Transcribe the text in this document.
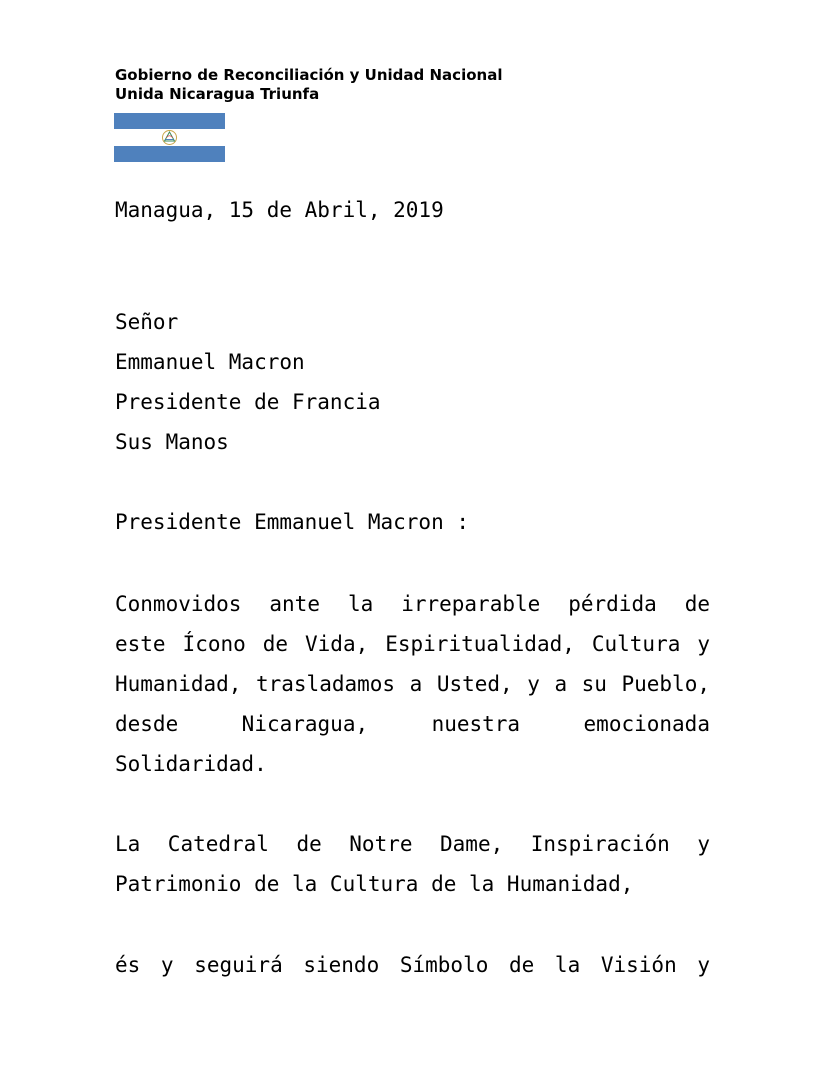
Gobierno de Reconciliación y Unidad Nacional
Unida Nicaragua Triunfa
Managua, 15 de Abril, 2019
Señor
Emmanuel Macron
Presidente de Francia
Sus Manos
Presidente Emmanuel Macron :
Conmovidos ante la irreparable pérdida de
este Ícono de Vida, Espiritualidad, Cultura y
Humanidad, trasladamos a Usted, y a su Pueblo,
desde	Nicaragua,	nuestra	emocionada
Solidaridad.
La Catedral de Notre Dame, Inspiración y
Patrimonio de la Cultura de la Humanidad,
és y seguirá siendo Símbolo de la Visión y
